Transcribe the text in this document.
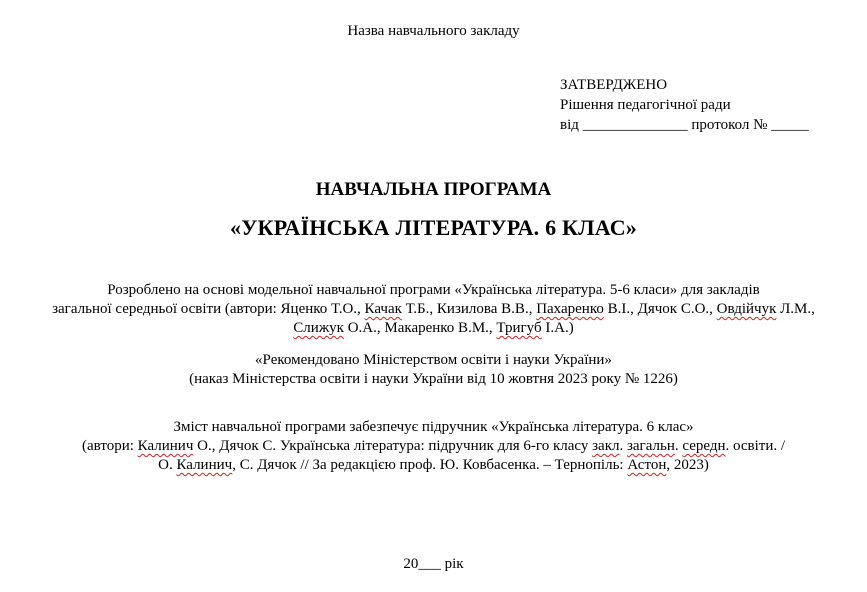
Назва навчального закладу
ЗАТВЕРДЖЕНО
Рішення педагогічної ради
від ______________ протокол № _____
НАВЧАЛЬНА ПРОГРАМА
«УКРАЇНСЬКА ЛІТЕРАТУРА. 6 КЛАС»
Розроблено на основі модельної навчальної програми «Українська література. 5-6 класи» для закладів
загальної середньої освіти (автори: Яценко Т.О., Качак Т.Б., Кизилова В.В., Пахаренко В.І., Дячок С.О., Овдійчук Л.М.,
Слижук О.А., Макаренко В.М., Тригуб І.А.)
«Рекомендовано Міністерством освіти і науки України»
(наказ Міністерства освіти і науки України від 10 жовтня 2023 року № 1226)
Зміст навчальної програми забезпечує підручник «Українська література. 6 клас»
(автори: Калинич О., Дячок С. Українська література: підручник для 6-го класу закл. загальн. середн. освіти. /
О. Калинич, С. Дячок // За редакцією проф. Ю. Ковбасенка. – Тернопіль: Астон, 2023)
20___ рік
